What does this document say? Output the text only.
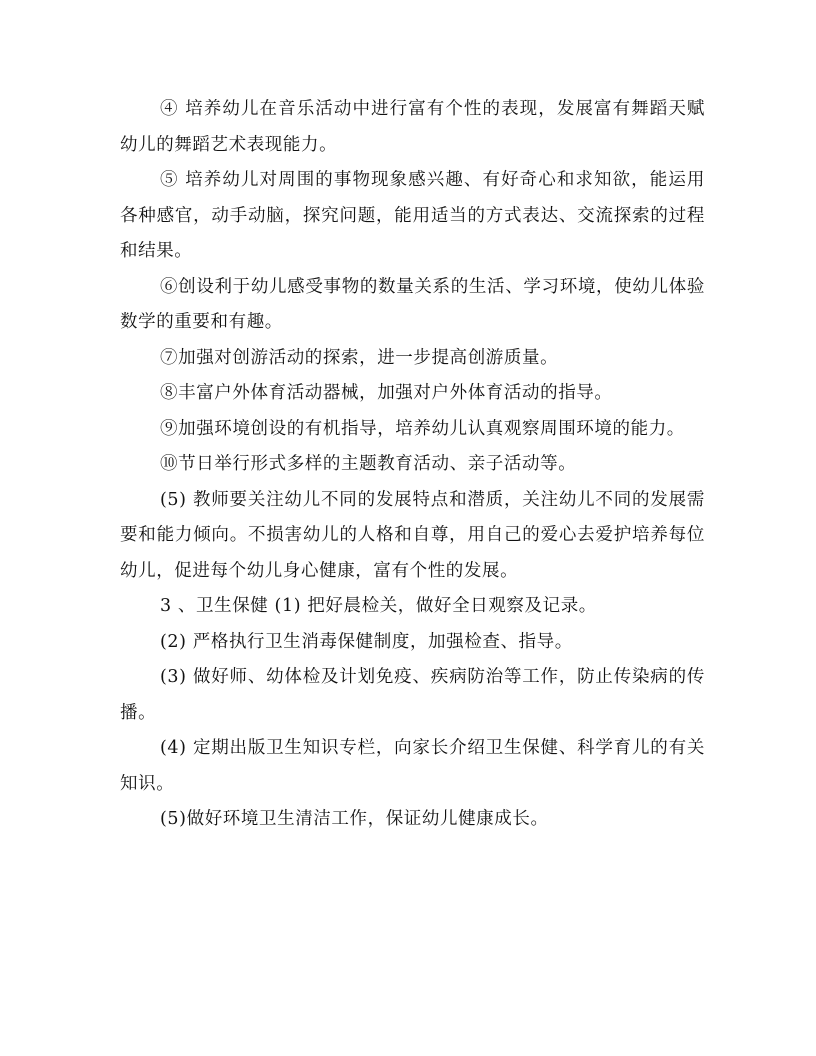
④ 培养幼儿在音乐活动中进行富有个性的表现，发展富有舞蹈天赋幼儿的舞蹈艺术表现能力。

⑤ 培养幼儿对周围的事物现象感兴趣、有好奇心和求知欲，能运用各种感官，动手动脑，探究问题，能用适当的方式表达、交流探索的过程和结果。

⑥创设利于幼儿感受事物的数量关系的生活、学习环境，使幼儿体验数学的重要和有趣。

⑦加强对创游活动的探索，进一步提高创游质量。

⑧丰富户外体育活动器械，加强对户外体育活动的指导。

⑨加强环境创设的有机指导，培养幼儿认真观察周围环境的能力。

⑩节日举行形式多样的主题教育活动、亲子活动等。

(5) 教师要关注幼儿不同的发展特点和潜质，关注幼儿不同的发展需要和能力倾向。不损害幼儿的人格和自尊，用自己的爱心去爱护培养每位幼儿，促进每个幼儿身心健康，富有个性的发展。

3 、卫生保健 (1) 把好晨检关，做好全日观察及记录。

(2) 严格执行卫生消毒保健制度，加强检查、指导。

(3) 做好师、幼体检及计划免疫、疾病防治等工作，防止传染病的传播。

(4) 定期出版卫生知识专栏，向家长介绍卫生保健、科学育儿的有关知识。

(5)做好环境卫生清洁工作，保证幼儿健康成长。
